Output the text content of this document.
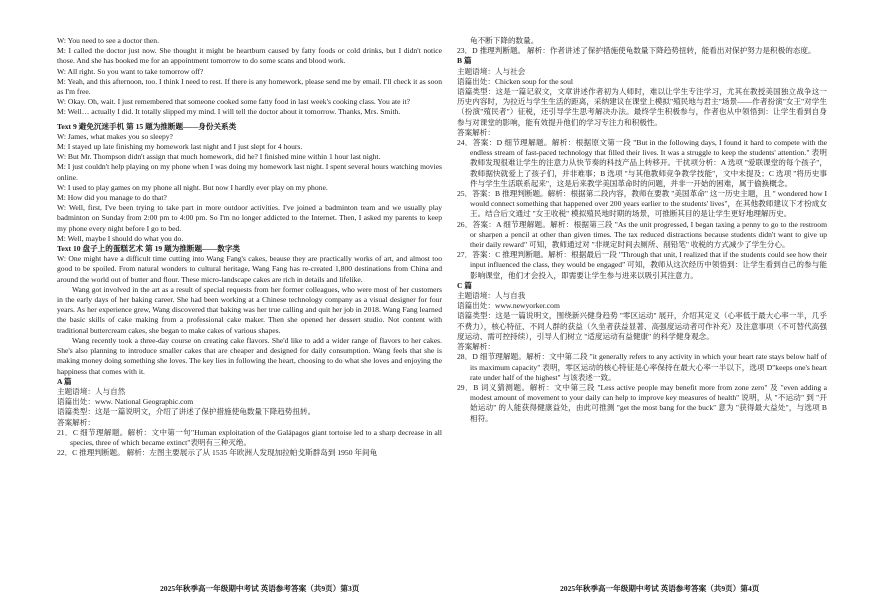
W: You need to see a doctor then.

M: I called the doctor just now. She thought it might be heartburn caused by fatty foods or cold drinks, but I didn't notice those. And she has booked me for an appointment tomorrow to do some scans and blood work.

W: All right. So you want to take tomorrow off?

M: Yeah, and this afternoon, too. I think I need to rest. If there is any homework, please send me by email. I'll check it as soon as I'm free.

W: Okay. Oh, wait. I just remembered that someone cooked some fatty food in last week's cooking class. You ate it?

M: Well… actually I did. It totally slipped my mind. I will tell the doctor about it tomorrow. Thanks, Mrs. Smith.

Text 9 避免沉迷手机 第 15 题为推断题——身份关系类

W: James, what makes you so sleepy?

M: I stayed up late finishing my homework last night and I just slept for 4 hours.

W: But Mr. Thompson didn't assign that much homework, did he? I finished mine within 1 hour last night.

M: I just couldn't help playing on my phone when I was doing my homework last night. I spent several hours watching movies online.

W: I used to play games on my phone all night. But now I hardly ever play on my phone.

M: How did you manage to do that?

W: Well, first, I've been trying to take part in more outdoor activities. I've joined a badminton team and we usually play badminton on Sunday from 2:00 pm to 4:00 pm. So I'm no longer addicted to the Internet. Then, I asked my parents to keep my phone every night before I go to bed.

M: Well, maybe I should do what you do.

Text 10 盘子上的蛋糕艺术 第 19 题为推断题——数字类

W: One might have a difficult time cutting into Wang Fang's cakes, beause they are practically works of art, and almost too good to be spoiled. From natural wonders to cultural heritage, Wang Fang has re-created 1,800 destinations from China and around the world out of butter and flour. These micro-landscape cakes are rich in details and lifelike.

Wang got involved in the art as a result of special requests from her former colleagues, who were most of her customers in the early days of her baking career. She had been working at a Chinese technology company as a visual designer for four years. As her experience grew, Wang discovered that baking was her true calling and quit her job in 2018. Wang Fang learned the basic skills of cake making from a professional cake maker. Then she opened her dessert studio. Not content with traditional buttercream cakes, she began to make cakes of various shapes.

Wang recently took a three-day course on creating cake flavors. She'd like to add a wider range of flavors to her cakes. She's also planning to introduce smaller cakes that are cheaper and designed for daily consumption. Wang feels that she is making money doing something she loves. The key lies in following the heart, choosing to do what she loves and enjoying the happiness that comes with it.

A 篇

主题语境：人与自然

语篇出处：www. National Geographic.com

语篇类型：这是一篇说明文，介绍了讲述了保护措施使龟数量下降趋势扭转。

答案解析：

21．C 细节理解题。解析：文中第一句"Human exploitation of the Galápagos giant tortoise led to a sharp decrease in all species, three of which became extinct"表明有三种灭绝。

22．C 推理判断题。 解析：左图主要展示了从 1535 年欧洲人发现加拉帕戈斯群岛到 1950 年间龟

龟不断下降的数量。

23．D 推理判断题。 解析：作者讲述了保护措施使龟数量下降趋势扭转，能看出对保护努力是积极的态度。

B 篇

主题语境：人与社会

语篇出处：Chicken soup for the soul

语篇类型：这是一篇记叙文，文章讲述作者初为人师时，难以让学生专注学习，尤其在教授美国独立战争这一历史内容时，为拉近与学生生活的距离，采纳建议在课堂上模拟"殖民地与君主"场景——作者扮演"女王"对学生（扮演"殖民者"）征税，还引导学生思考解决办法。最终学生积极参与，作者也从中领悟到：让学生看到自身参与对课堂的影响，能有效提升他们的学习专注力和积极性。

答案解析：

24．答案：D 细节理解题。解析：根据原文第一段 "But in the following days, I found it hard to compete with the endless stream of fast-paced technology that filled their lives. It was a struggle to keep the students' attention." 表明教师发现很难让学生的注意力从快节奏的科技产品上转移开。干扰项分析：A 选项 "爱联课堂的每个孩子"，教师据快就爱上了孩子们，并非难事；B 选项 "与其他教师竞争教学技能"，文中未提及；C 选项 "将历史事件与学生生活联系起来"，这是后来教学美国革命时的问题，并非一开始的困难，属于偷换概念。

25．答案：B 推理判断题。解析：根据第二段内容，教师在要教 "美国革命" 这一历史主题，且 " wondered how I would connect something that happened over 200 years earlier to the students' lives"，在其他教师建议下才扮成女王。结合后文通过 "女王收税" 模拟殖民地时期的场景，可推断其目的是让学生更好地理解历史。

26．答案：A 细节理解题。解析：根据第三段 "As the unit progressed, I began taxing a penny to go to the restroom or sharpen a pencil at other than given times. The tax reduced distractions because students didn't want to give up their daily reward" 可知，教师通过对 "非规定时间去厕所、削铅笔" 收税的方式减少了学生分心。

27．答案：C 推理判断题。解析：根据最后一段 "Through that unit, I realized that if the students could see how their input influenced the class, they would be engaged" 可知，教师从这次经历中领悟到：让学生看到自己的参与能影响课堂，他们才会投入，即需要让学生参与进来以吸引其注意力。

C 篇

主题语境：人与自我

语篇出处：www.newyorker.com

语篇类型：这是一篇说明文，围绕新兴健身趋势 "零区运动" 展开，介绍其定义（心率低于最大心率一半，几乎不费力），核心特征、不同人群的获益（久坐者获益显著、高强度运动者可作补充）及注意事项（不可替代高强度运动、需可控持续），引导人们树立 "适度运动有益健康" 的科学健身观念。

答案解析：

28．D 细节理解题。解析：文中第二段 "it generally refers to any activity in which your heart rate stays below half of its maximum capacity" 表明，零区运动的核心特征是心率保持在最大心率一半以下，选项 D"keeps one's heart rate under half of the highest" 与该表述一致。

29．B 词义猜测题。解析：文中第三段 "Less active people may benefit more from zone zero" 及 "even adding a modest amount of movement to your daily can help to improve key measures of health" 说明，从 "不运动" 到 "开始运动" 的人能获得健康益处，由此可推测 "get the most bang for the buck" 意为 "获得最大益处"，与选项 B 相符。

2025年秋季高一年级期中考试 英语参考答案（共9页）第3页	2025年秋季高一年级期中考试 英语参考答案（共9页）第4页
